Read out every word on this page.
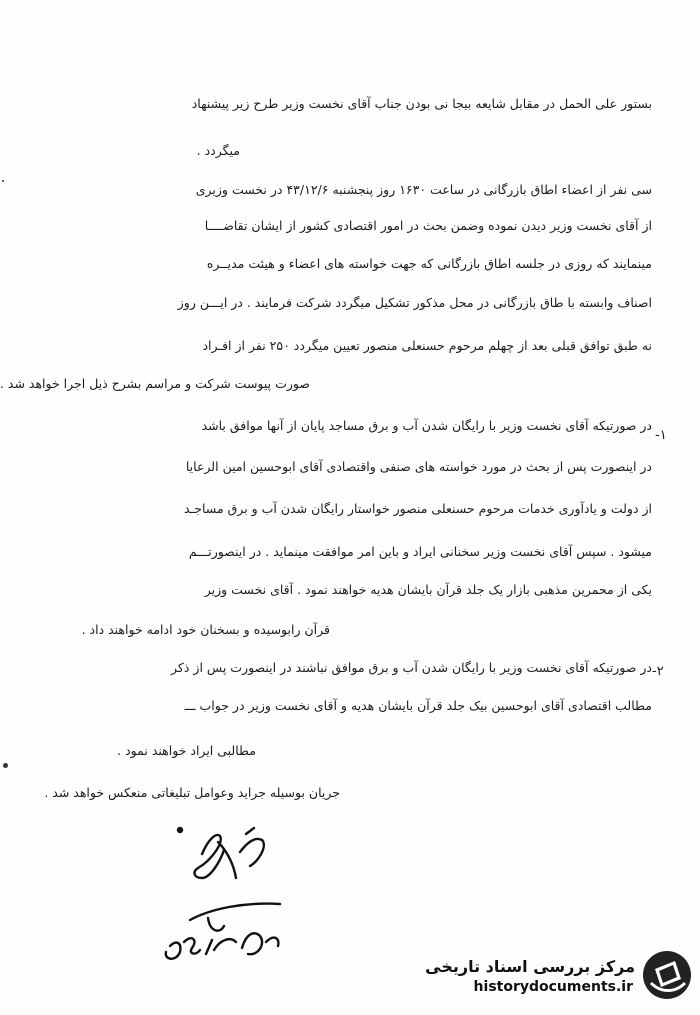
بستور علی الحمل در مقابل شایعه بیجا نی بودن جناب آقای نخست وزیر طرح زیر پیشنهاد
میگردد .
سی نفر از اعضاء اطاق بازرگانی در ساعت ۱۶۳۰ روز پنجشنبه ۴۳/۱۲/۶ در نخست وزیری
از آقای نخست وزیر دیدن نموده وضمن بحث در امور اقتصادی کشور از ایشان تقاضــــا
مینمایند که روزی در جلسه اطاق بازرگانی که جهت خواسته های اعضاء و هیئت مدیــره
اصناف وابسته با طاق بازرگانی در محل مذکور تشکیل میگردد شرکت فرمایند . در ایـــن روز
نه طبق توافق قبلی بعد از چهلم مرحوم حسنعلی منصور تعیین میگردد ۲۵۰ نفر از افـراد
صورت پیوست شرکت و مراسم بشرح ذیل اجرا خواهد شد .
-۱
در صورتیکه آقای نخست وزیر با رایگان شدن آب و برق مساجد پایان از آنها موافق باشد
در اینصورت پس از بحث در مورد خواسته های صنفی واقتصادی آقای ابوحسین امین الرعایا
از دولت و یادآوری خدمات مرحوم حسنعلی منصور خواستار رایگان شدن آب و برق مساجـد
میشود . سپس آقای نخست وزیر سخنانی ایراد و باین امر موافقت مینماید . در اینصورتـــم
یکی از محمرین مذهبی بازار یک جلد قرآن بایشان هدیه خواهند نمود . آقای نخست وزیر
قرآن رابوسیده و بسخنان خود ادامه خواهند داد .
-۲
در صورتیکه آقای نخست وزیر با رایگان شدن آب و برق موافق نباشند در اینصورت پس از ذکر
مطالب اقتصادی آقای ابوحسین بیک جلد قرآن بایشان هدیه و آقای نخست وزیر در جواب ـــ
مطالبی ایراد خواهند نمود .
جریان بوسیله جراید وعوامل تبلیغاتی منعکس خواهد شد .
مرکز بررسی اسناد تاریخی
historydocuments.ir
